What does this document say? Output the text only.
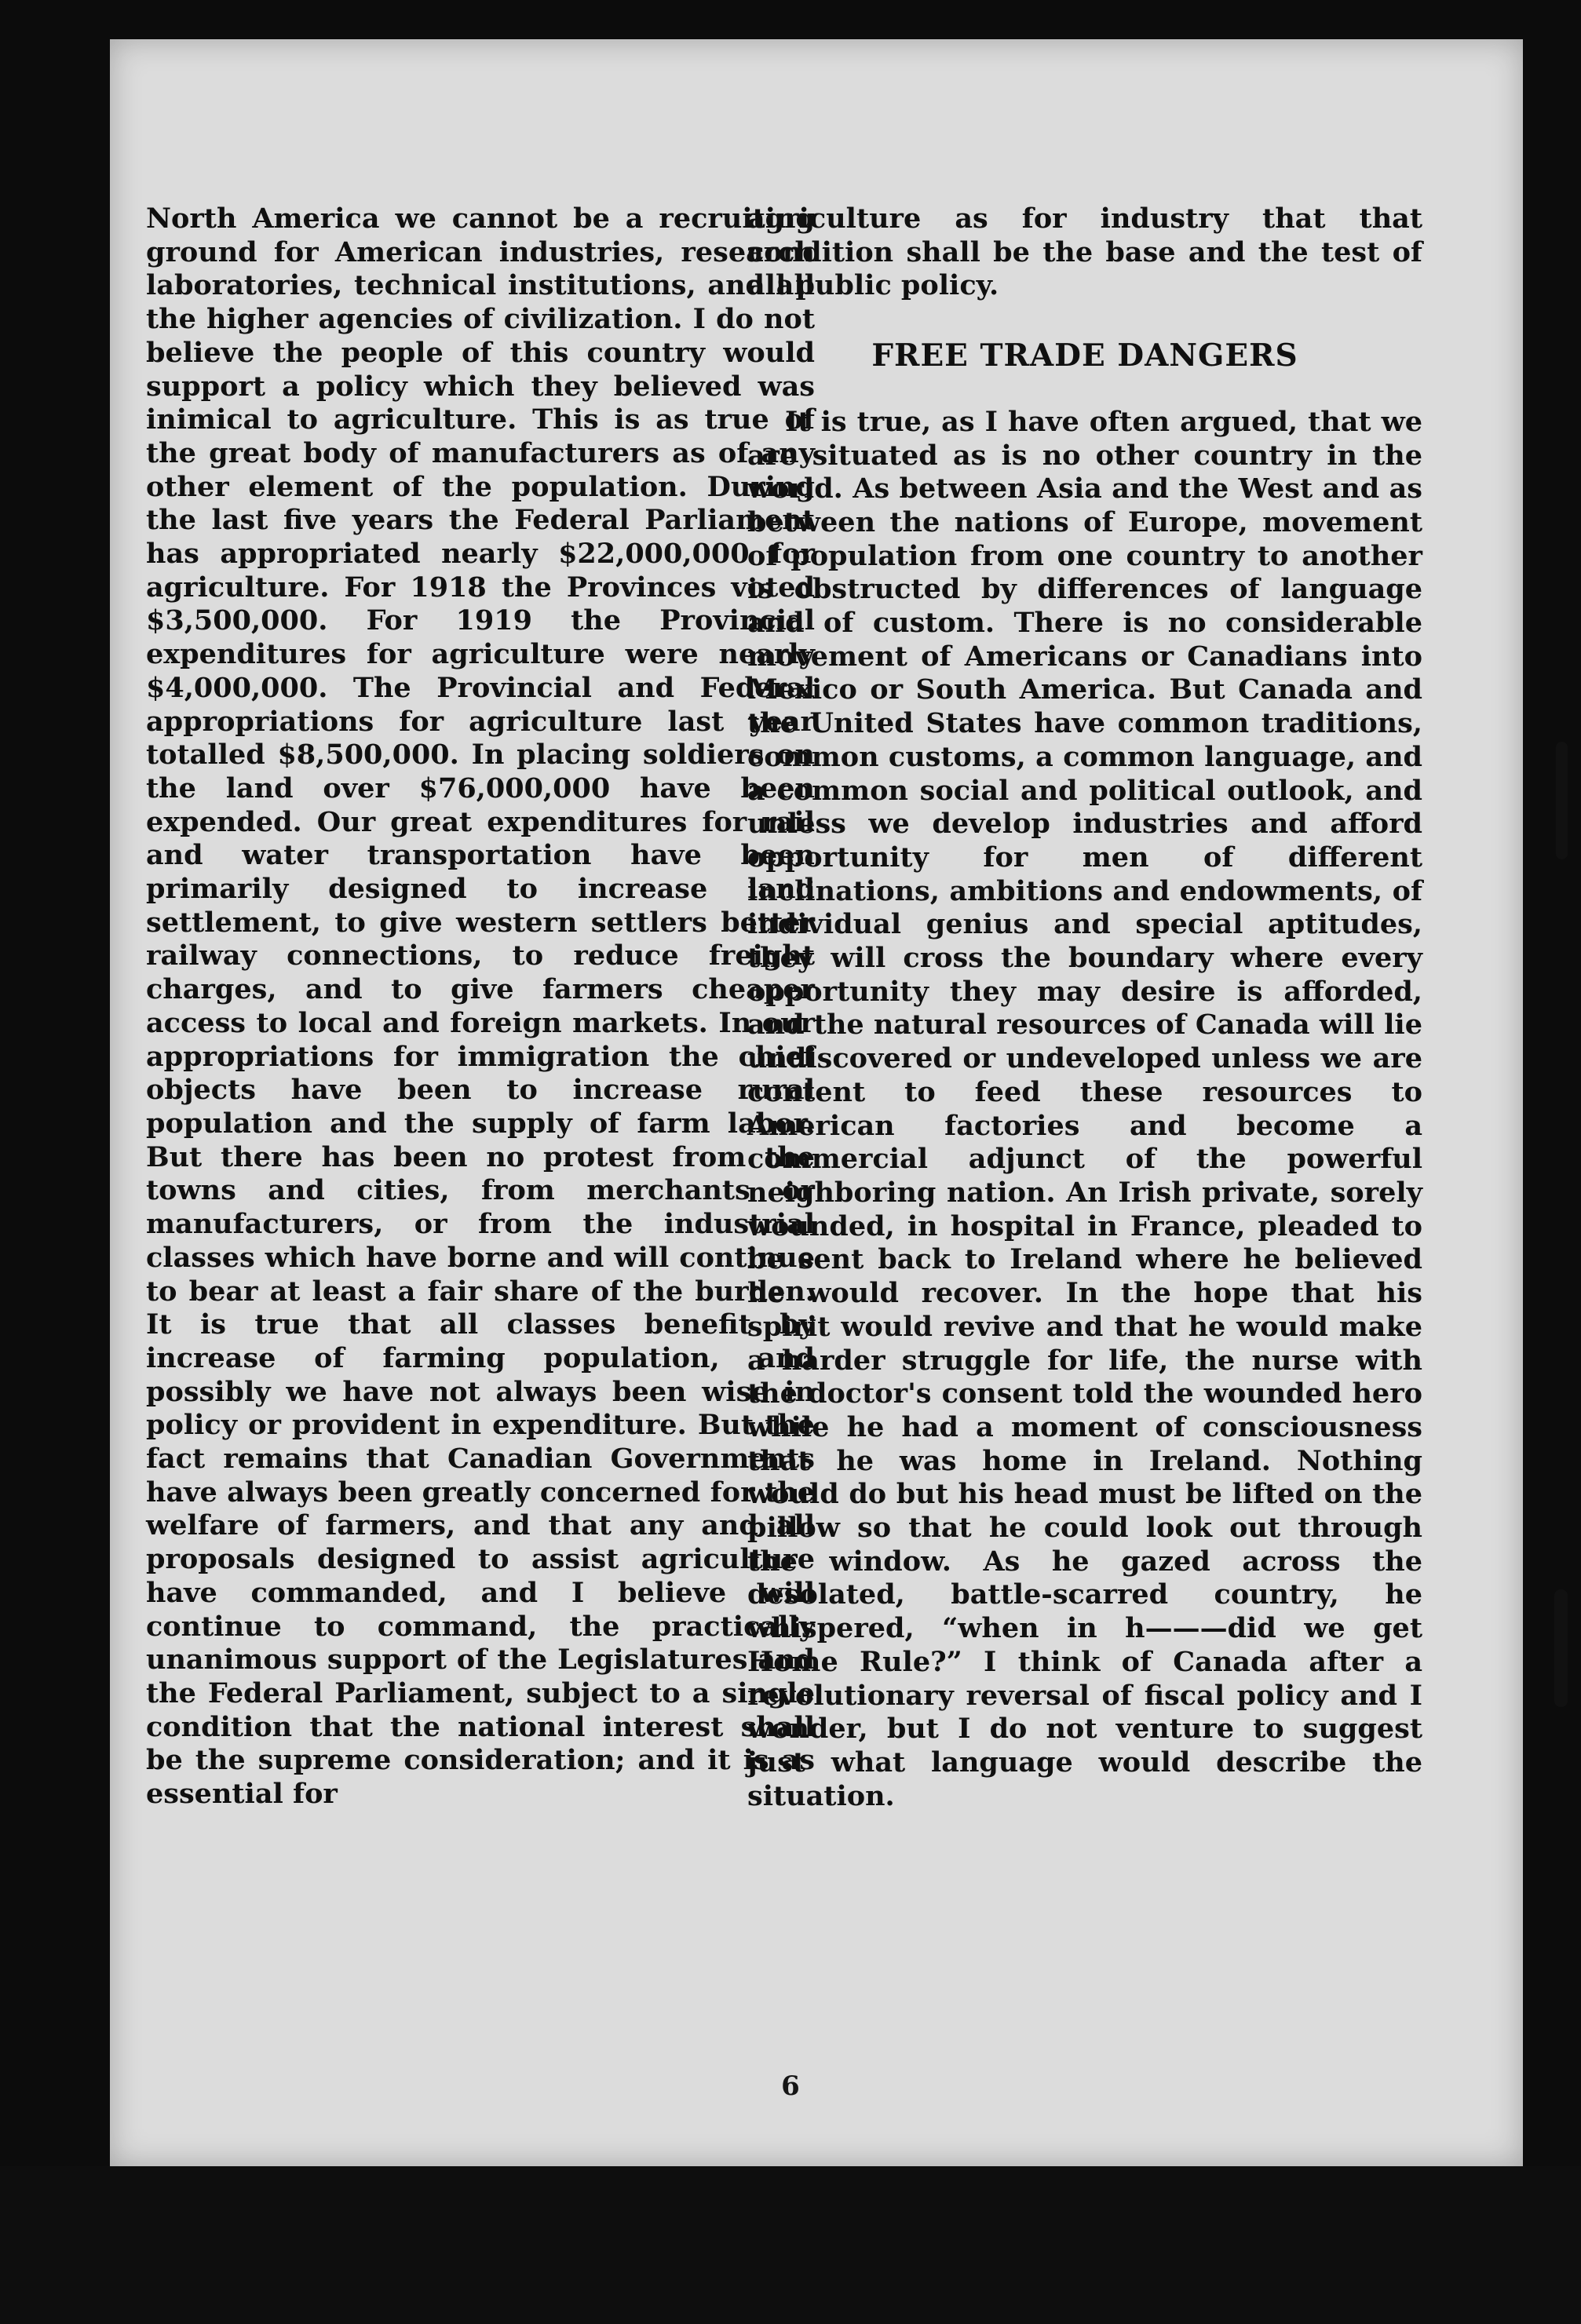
North America we cannot be a recruiting ground for American industries, research laboratories, technical institutions, and all the higher agencies of civilization. I do not believe the people of this country would support a policy which they believed was inimical to agriculture. This is as true of the great body of manufacturers as of any other element of the population. During the last five years the Federal Parliament has appropriated nearly $22,000,000 for agriculture. For 1918 the Provinces voted $3,500,000. For 1919 the Provincial expenditures for agriculture were nearly $4,000,000. The Provincial and Federal appropriations for agriculture last year totalled $8,500,000. In placing soldiers on the land over $76,000,000 have been expended. Our great expenditures for rail and water transportation have been primarily designed to increase land settlement, to give western settlers better railway connections, to reduce freight charges, and to give farmers cheaper access to local and foreign markets. In our appropriations for immigration the chief objects have been to increase rural population and the supply of farm labor. But there has been no protest from the towns and cities, from merchants or manufacturers, or from the industrial classes which have borne and will continue to bear at least a fair share of the burden. It is true that all classes benefit by increase of farming population, and possibly we have not always been wise in policy or provident in expenditure. But the fact remains that Canadian Governments have always been greatly concerned for the welfare of farmers, and that any and all proposals designed to assist agriculture have commanded, and I believe will continue to command, the practically unanimous support of the Legislatures and the Federal Parliament, subject to a single condition that the national interest shall be the supreme consideration; and it is as essential for

agriculture as for industry that that condition shall be the base and the test of all public policy.

FREE TRADE DANGERS

It is true, as I have often argued, that we are situated as is no other country in the world. As between Asia and the West and as between the nations of Europe, movement of population from one country to another is obstructed by differences of language and of custom. There is no considerable movement of Americans or Canadians into Mexico or South America. But Canada and the United States have common traditions, common customs, a common language, and a common social and political outlook, and unless we develop industries and afford opportunity for men of different inclinations, ambitions and endowments, of individual genius and special aptitudes, they will cross the boundary where every opportunity they may desire is afforded, and the natural resources of Canada will lie undiscovered or undeveloped unless we are content to feed these resources to American factories and become a commercial adjunct of the powerful neighboring nation. An Irish private, sorely wounded, in hospital in France, pleaded to be sent back to Ireland where he believed he would recover. In the hope that his spirit would revive and that he would make a harder struggle for life, the nurse with the doctor's consent told the wounded hero while he had a moment of consciousness that he was home in Ireland. Nothing would do but his head must be lifted on the pillow so that he could look out through the window. As he gazed across the desolated, battle-scarred country, he whispered, “when in h———did we get Home Rule?” I think of Canada after a revolutionary reversal of fiscal policy and I wonder, but I do not venture to suggest just what language would describe the situation.

6
